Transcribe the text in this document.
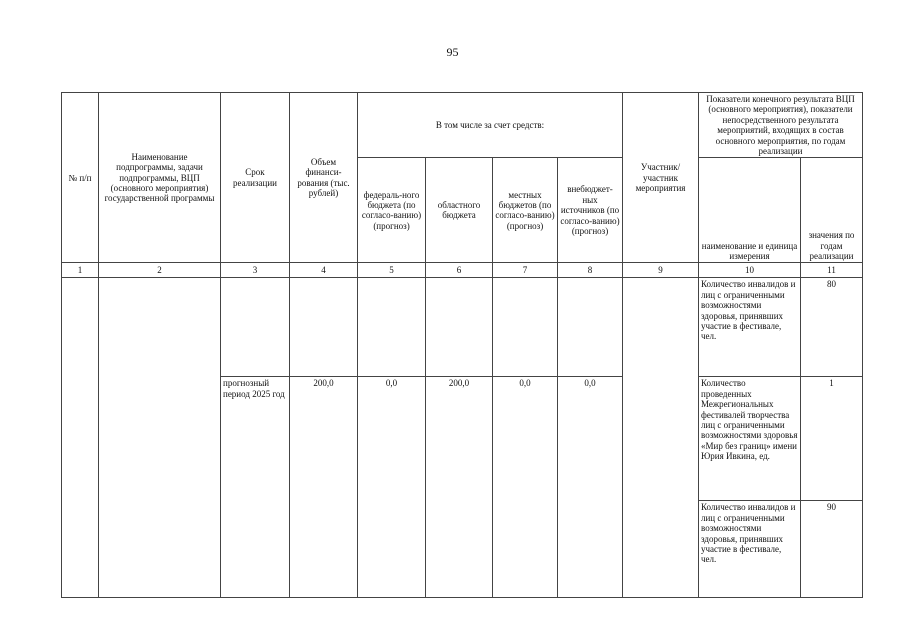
95
№ п/п	Наименование подпрограммы, задачи подпрограммы, ВЦП (основного мероприятия) государственной программы	Срок реализации	Объем финанси-рования (тыс. рублей)	В том числе за счет средств:				Участник/ участник мероприятия	Показатели конечного результата ВЦП (основного мероприятия), показатели непосредственного результата мероприятий, входящих в состав основного мероприятия, по годам реализации	
				федераль-ного бюджета (по согласо-ванию) (прогноз)	областного бюджета	местных бюджетов (по согласо-ванию) (прогноз)	внебюджет-ных источников (по согласо-ванию) (прогноз)		наименование и единица измерения	значения по годам реализации

1	2	3	4	5	6	7	8	9	10	11
									Количество инвалидов и лиц с ограниченными возможностями здоровья, принявших участие в фестивале, чел.	80
		прогнозный период 2025 год	200,0	0,0	200,0	0,0	0,0		Количество проведенных Межрегиональных фестивалей творчества лиц с ограниченными возможностями здоровья «Мир без границ» имени Юрия Ивкина, ед.	1
									Количество инвалидов и лиц с ограниченными возможностями здоровья, принявших участие в фестивале, чел.	90
